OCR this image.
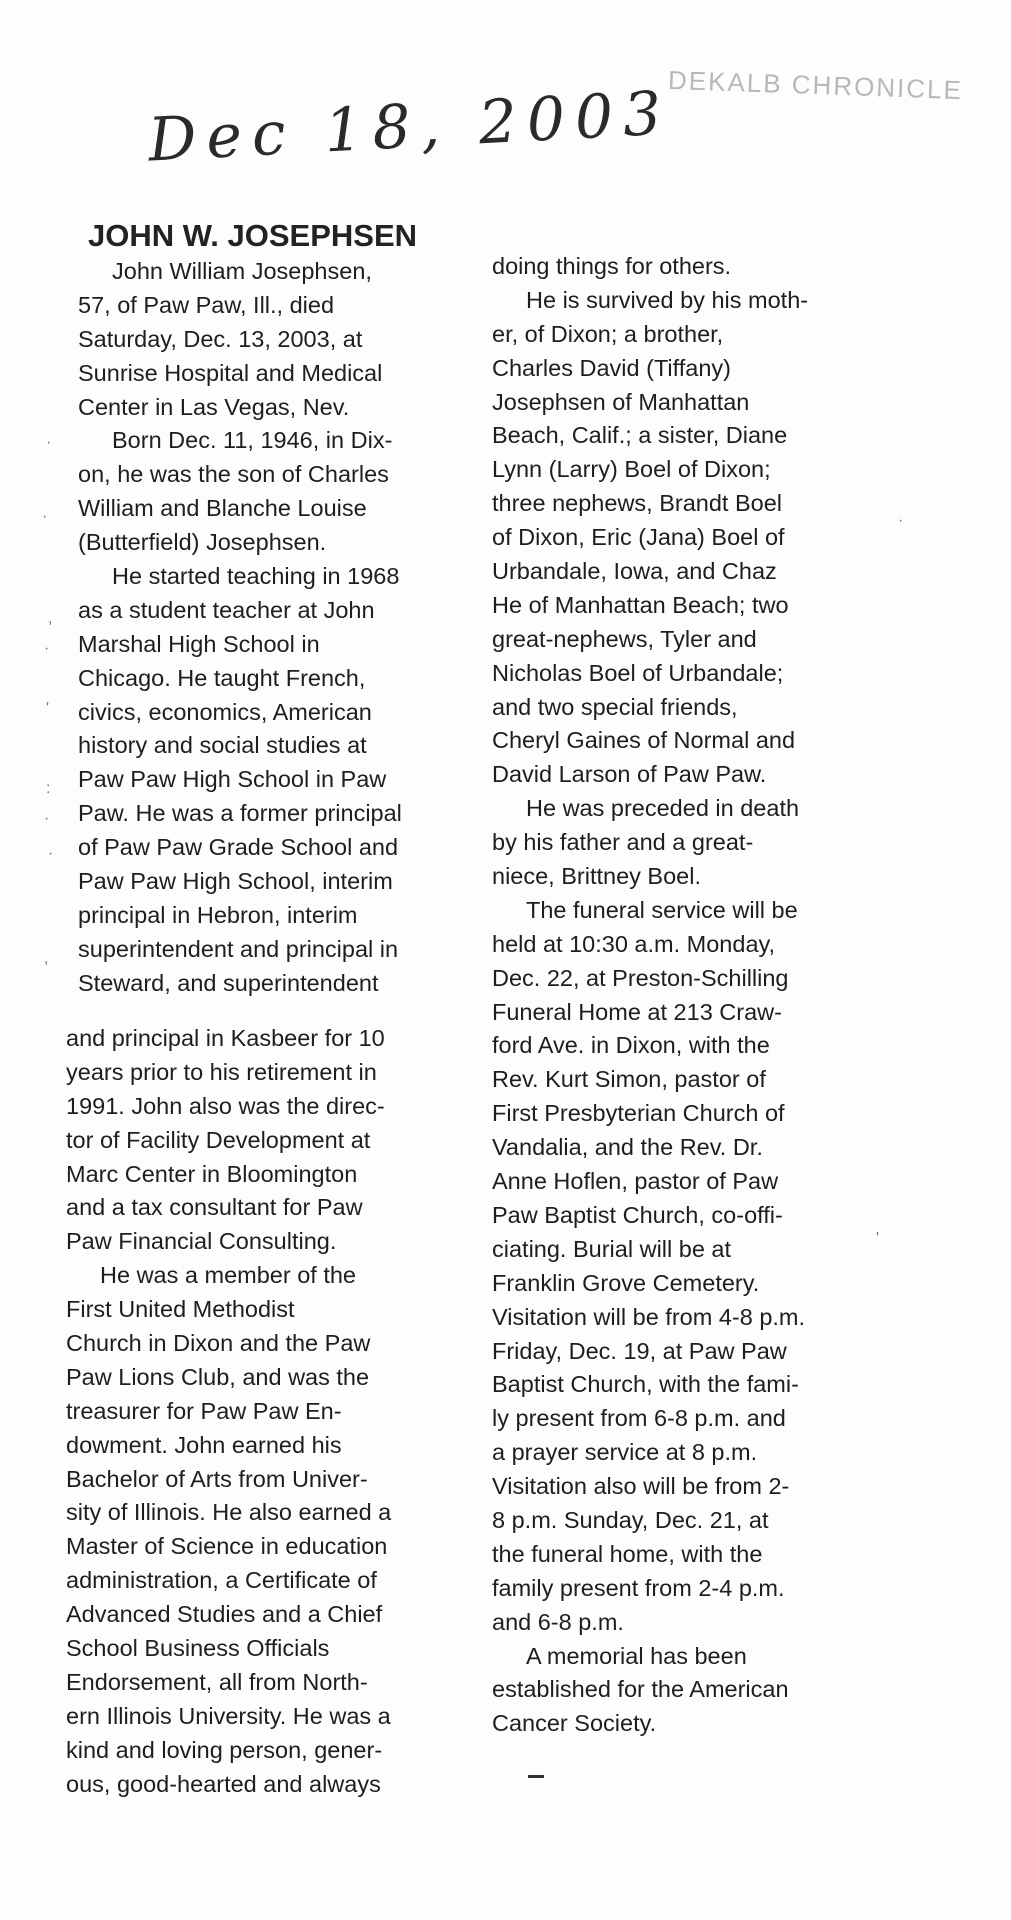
DEKALB CHRONICLE
Dec 18, 2003
JOHN W. JOSEPHSEN
John William Josephsen,
57, of Paw Paw, Ill., died
Saturday, Dec. 13, 2003, at
Sunrise Hospital and Medical
Center in Las Vegas, Nev.
Born Dec. 11, 1946, in Dix-
on, he was the son of Charles
William and Blanche Louise
(Butterfield) Josephsen.
He started teaching in 1968
as a student teacher at John
Marshal High School in
Chicago. He taught French,
civics, economics, American
history and social studies at
Paw Paw High School in Paw
Paw. He was a former principal
of Paw Paw Grade School and
Paw Paw High School, interim
principal in Hebron, interim
superintendent and principal in
Steward, and superintendent
and principal in Kasbeer for 10
years prior to his retirement in
1991. John also was the direc-
tor of Facility Development at
Marc Center in Bloomington
and a tax consultant for Paw
Paw Financial Consulting.
He was a member of the
First United Methodist
Church in Dixon and the Paw
Paw Lions Club, and was the
treasurer for Paw Paw En-
dowment. John earned his
Bachelor of Arts from Univer-
sity of Illinois. He also earned a
Master of Science in education
administration, a Certificate of
Advanced Studies and a Chief
School Business Officials
Endorsement, all from North-
ern Illinois University. He was a
kind and loving person, gener-
ous, good-hearted and always
doing things for others.
He is survived by his moth-
er, of Dixon; a brother,
Charles David (Tiffany)
Josephsen of Manhattan
Beach, Calif.; a sister, Diane
Lynn (Larry) Boel of Dixon;
three nephews, Brandt Boel
of Dixon, Eric (Jana) Boel of
Urbandale, Iowa, and Chaz
He of Manhattan Beach; two
great-nephews, Tyler and
Nicholas Boel of Urbandale;
and two special friends,
Cheryl Gaines of Normal and
David Larson of Paw Paw.
He was preceded in death
by his father and a great-
niece, Brittney Boel.
The funeral service will be
held at 10:30 a.m. Monday,
Dec. 22, at Preston-Schilling
Funeral Home at 213 Craw-
ford Ave. in Dixon, with the
Rev. Kurt Simon, pastor of
First Presbyterian Church of
Vandalia, and the Rev. Dr.
Anne Hoflen, pastor of Paw
Paw Baptist Church, co-offi-
ciating. Burial will be at
Franklin Grove Cemetery.
Visitation will be from 4-8 p.m.
Friday, Dec. 19, at Paw Paw
Baptist Church, with the fami-
ly present from 6-8 p.m. and
a prayer service at 8 p.m.
Visitation also will be from 2-
8 p.m. Sunday, Dec. 21, at
the funeral home, with the
family present from 2-4 p.m.
and 6-8 p.m.
A memorial has been
established for the American
Cancer Society.
·
·
,
·
'
:
·
·
,
·
'
